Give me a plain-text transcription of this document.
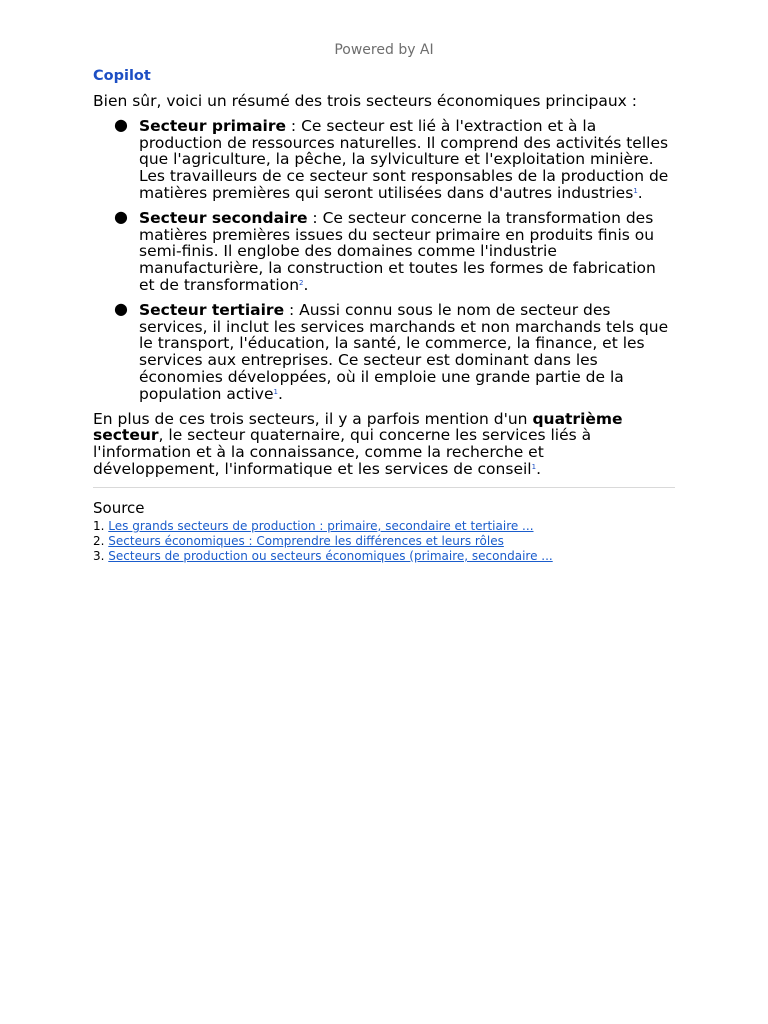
Powered by AI
Copilot

Bien sûr, voici un résumé des trois secteurs économiques principaux :

● Secteur primaire : Ce secteur est lié à l'extraction et à la production de ressources naturelles. Il comprend des activités telles que l'agriculture, la pêche, la sylviculture et l'exploitation minière. Les travailleurs de ce secteur sont responsables de la production de matières premières qui seront utilisées dans d'autres industries$^1$.
● Secteur secondaire : Ce secteur concerne la transformation des matières premières issues du secteur primaire en produits finis ou semi-finis. Il englobe des domaines comme l'industrie manufacturière, la construction et toutes les formes de fabrication et de transformation$^2$.
● Secteur tertiaire : Aussi connu sous le nom de secteur des services, il inclut les services marchands et non marchands tels que le transport, l'éducation, la santé, le commerce, la finance, et les services aux entreprises. Ce secteur est dominant dans les économies développées, où il emploie une grande partie de la population active$^1$.

En plus de ces trois secteurs, il y a parfois mention d'un quatrième secteur, le secteur quaternaire, qui concerne les services liés à l'information et à la connaissance, comme la recherche et développement, l'informatique et les services de conseil$^1$.

Source
1. Les grands secteurs de production : primaire, secondaire et tertiaire ...
2. Secteurs économiques : Comprendre les différences et leurs rôles
3. Secteurs de production ou secteurs économiques (primaire, secondaire ...
